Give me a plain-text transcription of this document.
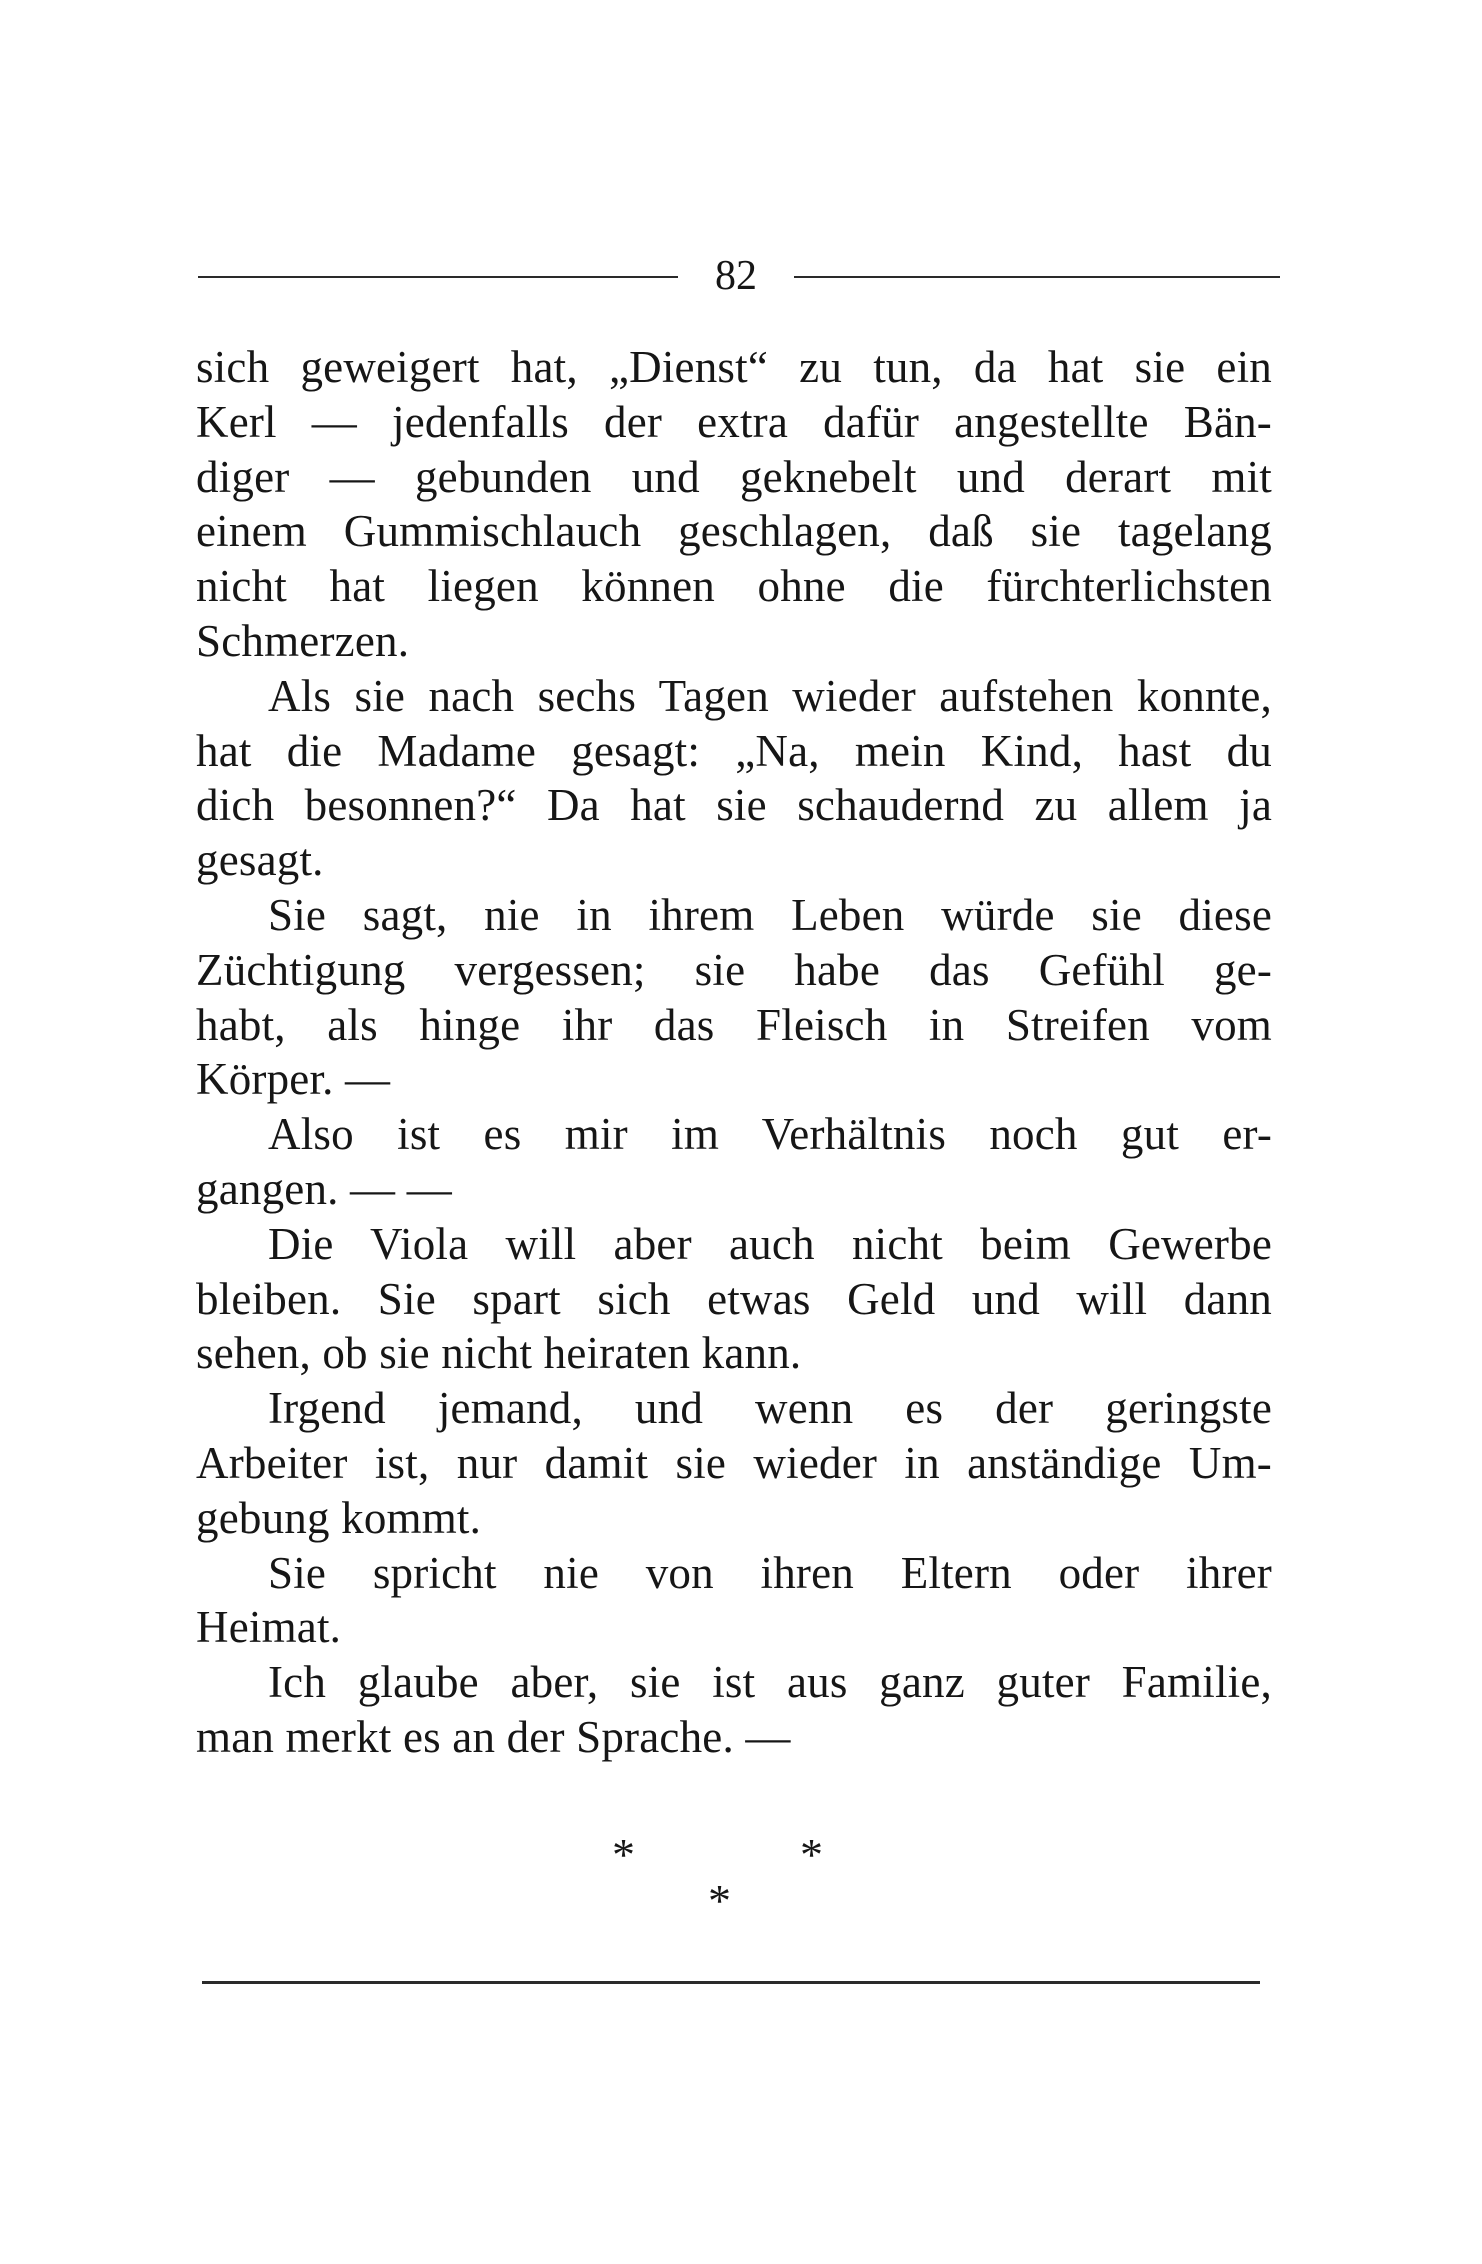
82
sich geweigert hat, „Dienst“ zu tun, da hat sie ein
Kerl — jedenfalls der extra dafür angestellte Bän-
diger — gebunden und geknebelt und derart mit
einem Gummischlauch geschlagen, daß sie tagelang
nicht hat liegen können ohne die fürchterlichsten
Schmerzen.
Als sie nach sechs Tagen wieder aufstehen konnte,
hat die Madame gesagt: „Na, mein Kind, hast du
dich besonnen?“ Da hat sie schaudernd zu allem ja
gesagt.
Sie sagt, nie in ihrem Leben würde sie diese
Züchtigung vergessen; sie habe das Gefühl ge-
habt, als hinge ihr das Fleisch in Streifen vom
Körper. —
Also ist es mir im Verhältnis noch gut er-
gangen. — —
Die Viola will aber auch nicht beim Gewerbe
bleiben. Sie spart sich etwas Geld und will dann
sehen, ob sie nicht heiraten kann.
Irgend jemand, und wenn es der geringste
Arbeiter ist, nur damit sie wieder in anständige Um-
gebung kommt.
Sie spricht nie von ihren Eltern oder ihrer
Heimat.
Ich glaube aber, sie ist aus ganz guter Familie,
man merkt es an der Sprache. —
*	*
*
